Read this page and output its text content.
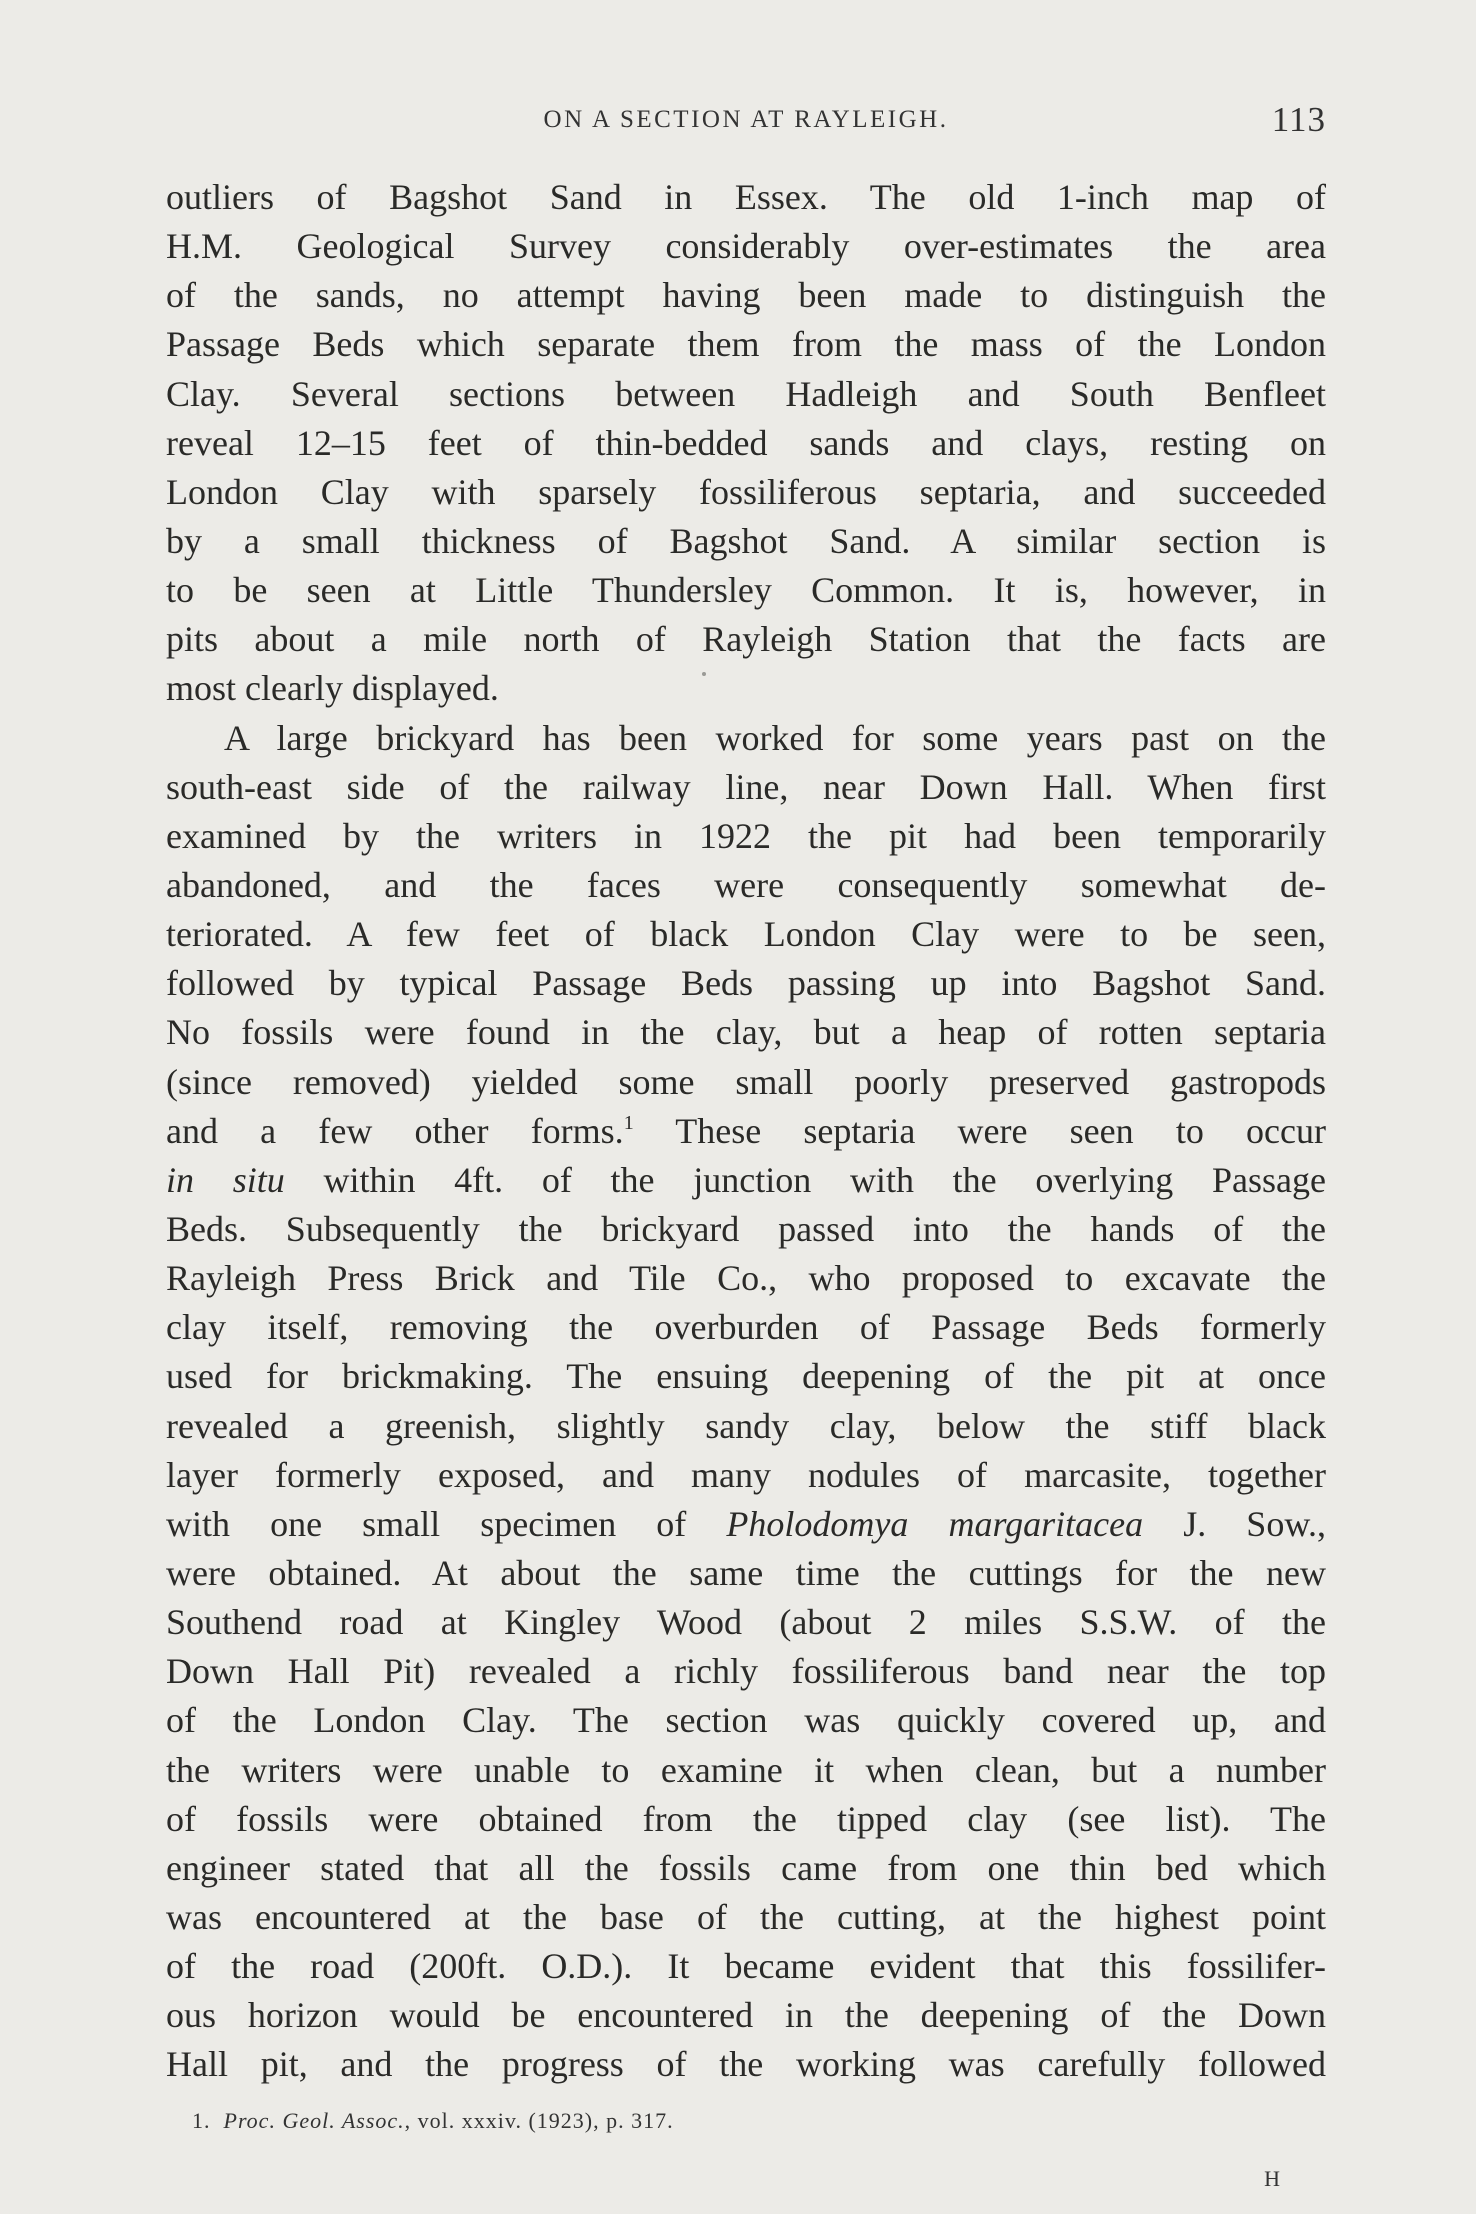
ON A SECTION AT RAYLEIGH.	113
outliers of Bagshot Sand in Essex. The old 1-inch map of
H.M. Geological Survey considerably over-estimates the area
of the sands, no attempt having been made to distinguish the
Passage Beds which separate them from the mass of the London
Clay. Several sections between Hadleigh and South Benfleet
reveal 12–15 feet of thin-bedded sands and clays, resting on
London Clay with sparsely fossiliferous septaria, and succeeded
by a small thickness of Bagshot Sand. A similar section is
to be seen at Little Thundersley Common. It is, however, in
pits about a mile north of Rayleigh Station that the facts are
most clearly displayed.
A large brickyard has been worked for some years past on the
south-east side of the railway line, near Down Hall. When first
examined by the writers in 1922 the pit had been temporarily
abandoned, and the faces were consequently somewhat de-
teriorated. A few feet of black London Clay were to be seen,
followed by typical Passage Beds passing up into Bagshot Sand.
No fossils were found in the clay, but a heap of rotten septaria
(since removed) yielded some small poorly preserved gastropods
and a few other forms.$^1$ These septaria were seen to occur
in situ within 4ft. of the junction with the overlying Passage
Beds. Subsequently the brickyard passed into the hands of the
Rayleigh Press Brick and Tile Co., who proposed to excavate the
clay itself, removing the overburden of Passage Beds formerly
used for brickmaking. The ensuing deepening of the pit at once
revealed a greenish, slightly sandy clay, below the stiff black
layer formerly exposed, and many nodules of marcasite, together
with one small specimen of Pholodomya margaritacea J. Sow.,
were obtained. At about the same time the cuttings for the new
Southend road at Kingley Wood (about 2 miles S.S.W. of the
Down Hall Pit) revealed a richly fossiliferous band near the top
of the London Clay. The section was quickly covered up, and
the writers were unable to examine it when clean, but a number
of fossils were obtained from the tipped clay (see list). The
engineer stated that all the fossils came from one thin bed which
was encountered at the base of the cutting, at the highest point
of the road (200ft. O.D.). It became evident that this fossilifer-
ous horizon would be encountered in the deepening of the Down
Hall pit, and the progress of the working was carefully followed
1. Proc. Geol. Assoc., vol. xxxiv. (1923), p. 317.
H
